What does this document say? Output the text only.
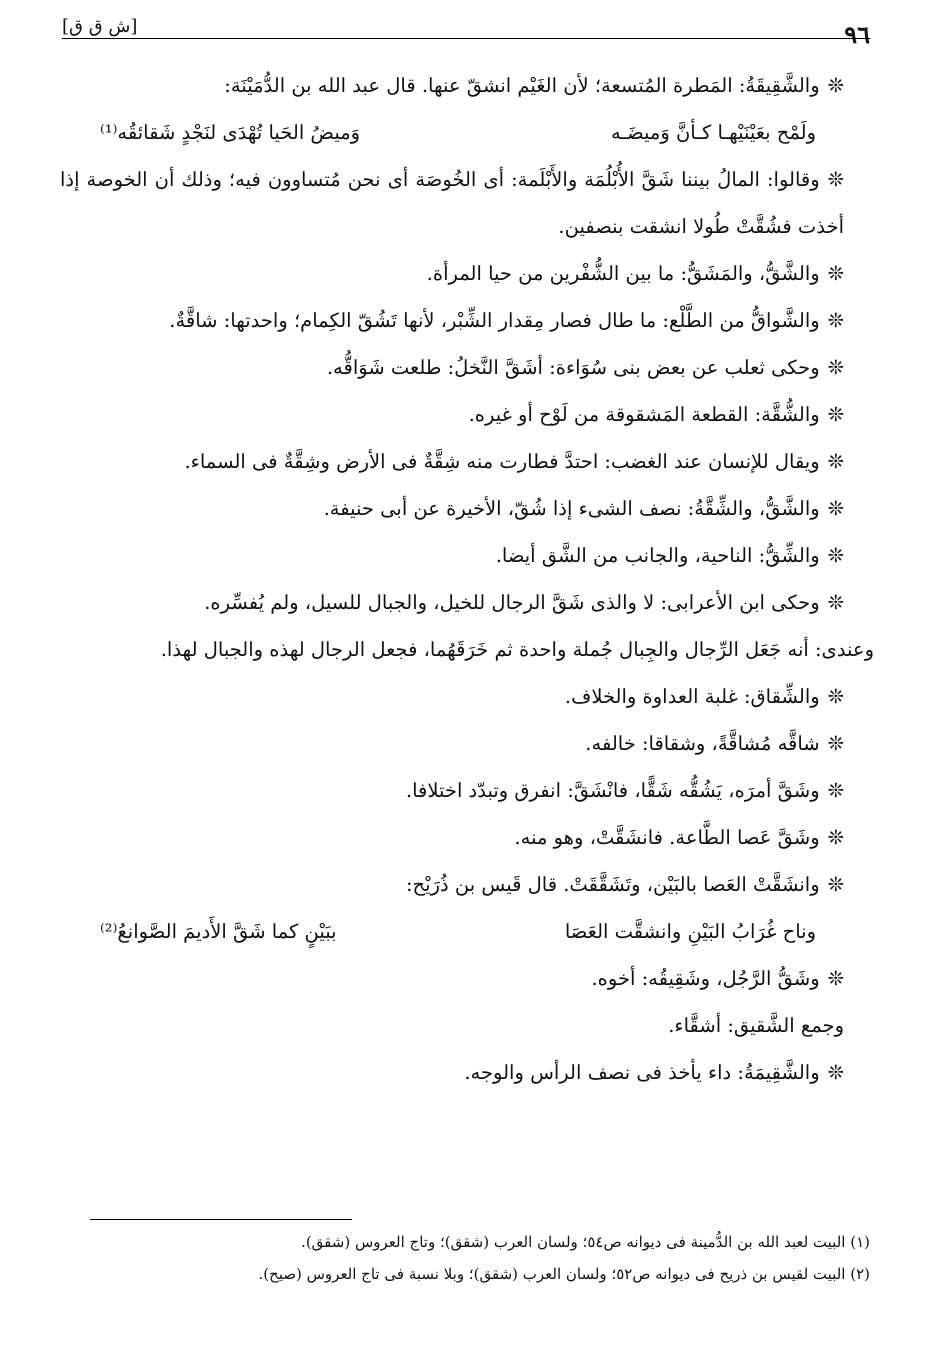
٩٦
[ش ق ق]

❊والشَّقِيقَةُ: المَطرة المُتسعة؛ لأن الغَيْم انشقّ عنها. قال عبد الله بن الدُّمَيْنَة:

ولَمْح بعَيْنَيْهـا كـأنَّ وَميضَـه
وَميضُ الحَيا تُهْدَى لنَجْدٍ شَقائقُه⁽¹⁾

❊وقالوا: المالُ بيننا شَقَّ الأُبْلُمَة والأَبْلَمة: أى الخُوصَة أى نحن مُتساوون فيه؛ وذلك أن الخوصة إذا أخذت فشُقَّتْ طُولا انشقت بنصفين.

❊والشَّقُّ، والمَشَقُّ: ما بين الشُّفْرين من حيا المرأة.

❊والشَّواقُّ من الطَّلْع: ما طال فصار مِقدار الشِّبْر، لأنها تَشُقّ الكِمام؛ واحدتها: شاقَّةٌ.

❊وحكى ثعلب عن بعض بنى سُوَاءة: أشَقَّ النَّخلُ: طلعت شَوَاقُّه.

❊والشُّقَّة: القطعة المَشقوقة من لَوْح أو غيره.

❊ويقال للإنسان عند الغضب: احتدَّ فطارت منه شِقَّةٌ فى الأرض وشِقَّةٌ فى السماء.

❊والشَّقُّ، والشِّقَّةُ: نصف الشىء إذا شُقّ، الأخيرة عن أبى حنيفة.

❊والشِّقُّ: الناحية، والجانب من الشَّق أيضا.

❊وحكى ابن الأعرابى: لا والذى شَقَّ الرجال للخيل، والجبال للسيل، ولم يُفسِّره.

وعندى: أنه جَعَل الرِّجال والجِبال جُملة واحدة ثم خَرَقَهُما، فجعل الرجال لهذه والجبال لهذا.

❊والشِّقاق: غلبة العداوة والخلاف.

❊شاقَّه مُشاقَّةً، وشقاقا: خالفه.

❊وشَقَّ أمرَه، يَشُقُّه شَقًّا، فانْشَقَّ: انفرق وتبدّد اختلافا.

❊وشَقَّ عَصا الطَّاعة. فانشَقَّتْ، وهو منه.

❊وانشَقَّتْ العَصا بالبَيْن، وتَشَقَّقَتْ. قال قَيس بن ذُرَيْح:

وناح غُرَابُ البَيْنِ وانشقَّت العَصَا
ببَيْنٍ كما شَقَّ الأَديمَ الصَّوانعُ⁽²⁾

❊وشَقُّ الرَّجُل، وشَقِيقُه: أخوه.

وجمع الشَّقيق: أشقَّاء.

❊والشَّقِيمَةُ: داء يأخذ فى نصف الرأس والوجه.

(١) البيت لعبد الله بن الدُّمينة فى ديوانه ص٥٤؛ ولسان العرب (شقق)؛ وتاج العروس (شقق).
(٢) البيت لقيس بن ذريح فى ديوانه ص٥٢؛ ولسان العرب (شقق)؛ وبلا نسبة فى تاج العروس (صيح).
